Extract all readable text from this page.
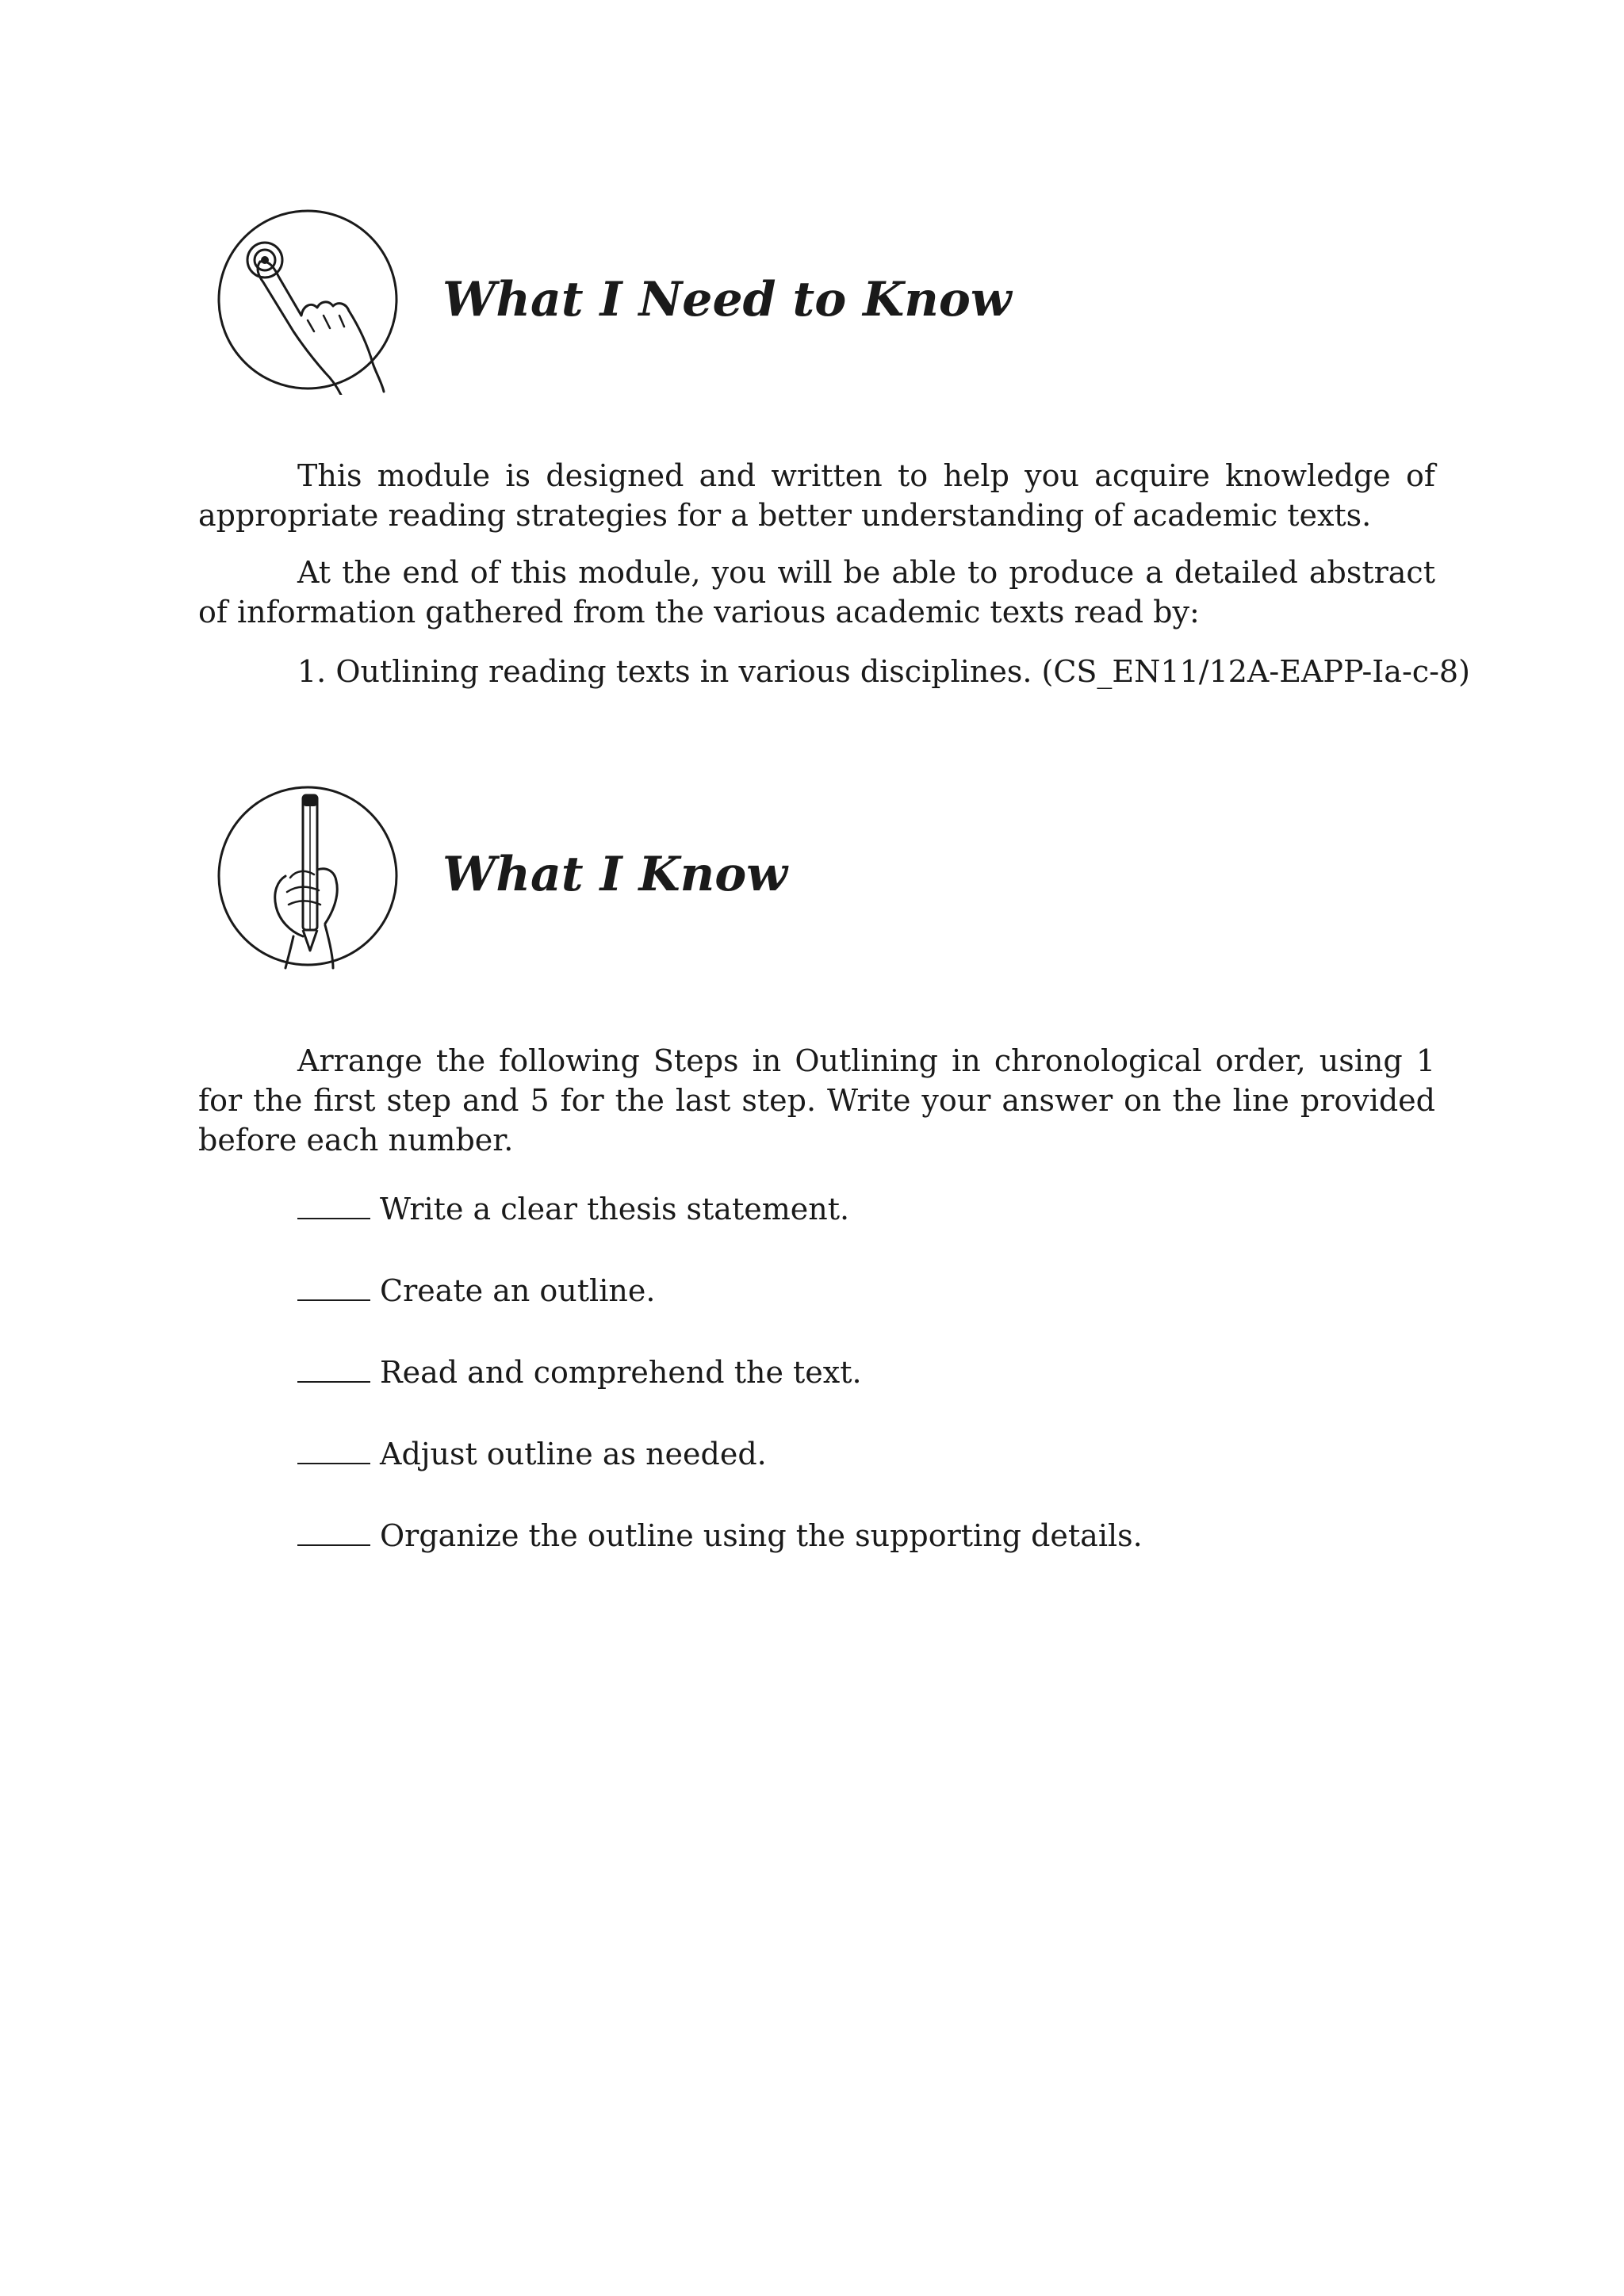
What I Need to Know

This module is designed and written to help you acquire knowledge of appropriate reading strategies for a better understanding of academic texts.

At the end of this module, you will be able to produce a detailed abstract of information gathered from the various academic texts read by:

1. Outlining reading texts in various disciplines. (CS_EN11/12A-EAPP-Ia-c-8)
What I Know

Arrange the following Steps in Outlining in chronological order, using 1 for the first step and 5 for the last step. Write your answer on the line provided before each number.

Write a clear thesis statement.
Create an outline.
Read and comprehend the text.
Adjust outline as needed.
Organize the outline using the supporting details.
